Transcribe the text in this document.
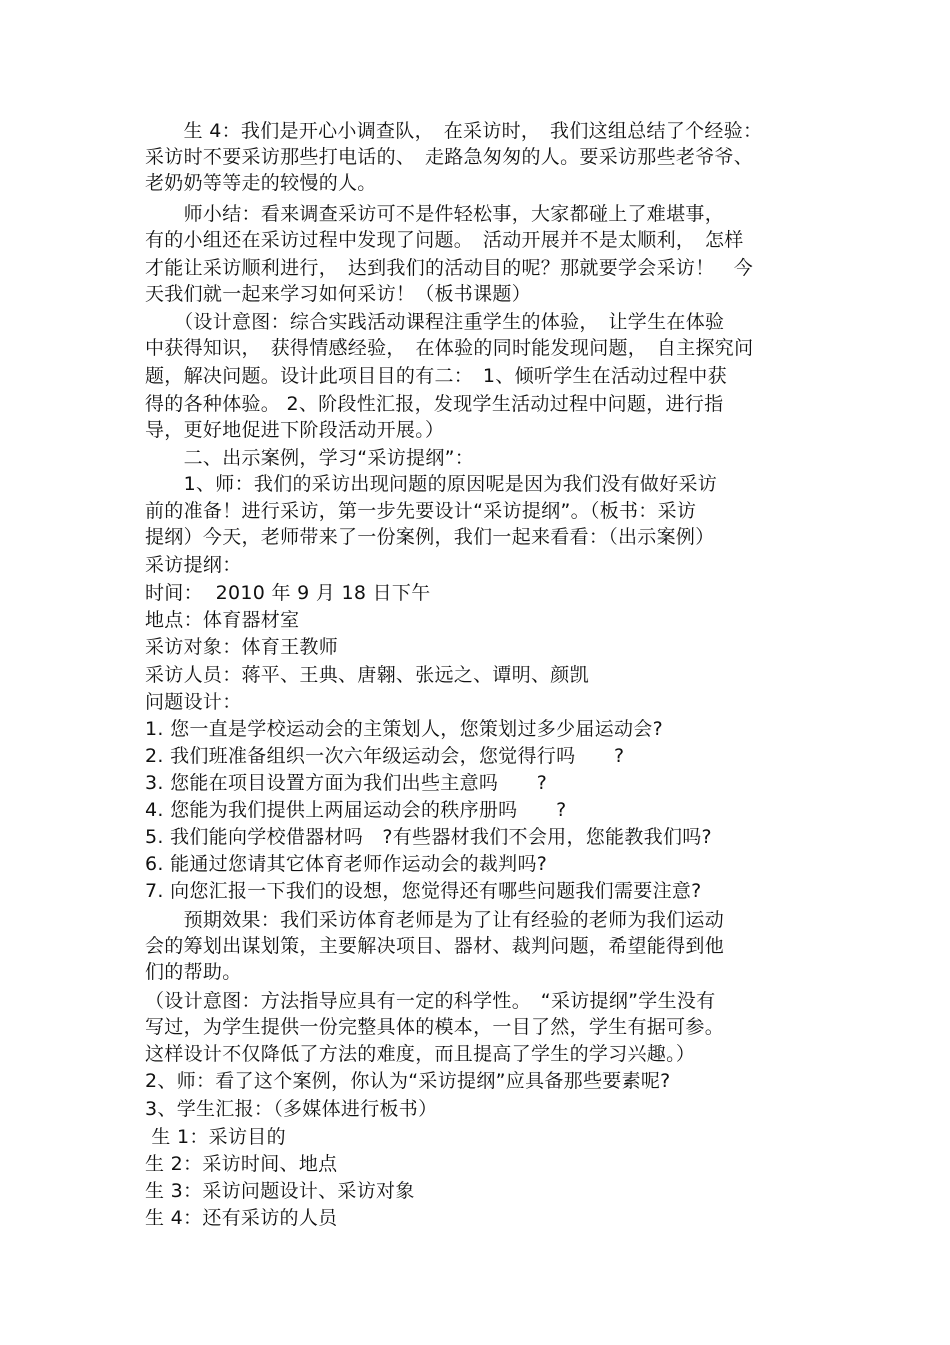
　　生 4：我们是开心小调查队，　在采访时，　我们这组总结了个经验：
采访时不要采访那些打电话的、　走路急匆匆的人。要采访那些老爷爷、
老奶奶等等走的较慢的人。
　　师小结：看来调查采访可不是件轻松事，大家都碰上了难堪事，
有的小组还在采访过程中发现了问题。　活动开展并不是太顺利，　怎样
才能让采访顺利进行，　达到我们的活动目的呢？那就要学会采访！　今
天我们就一起来学习如何采访！（板书课题）
　　（设计意图：综合实践活动课程注重学生的体验，　让学生在体验
中获得知识，　获得情感经验，　在体验的同时能发现问题，　自主探究问
题，解决问题。设计此项目目的有二：　1、倾听学生在活动过程中获
得的各种体验。 2、阶段性汇报，发现学生活动过程中问题，进行指
导，更好地促进下阶段活动开展。）
　　二、出示案例，学习“采访提纲”：
　　1、师：我们的采访出现问题的原因呢是因为我们没有做好采访
前的准备！进行采访，第一步先要设计“采访提纲”。（板书：采访
提纲）今天，老师带来了一份案例，我们一起来看看：（出示案例）
采访提纲：
时间：  2010 年 9 月 18 日下午
地点：体育器材室
采访对象：体育王教师
采访人员：蒋平、王典、唐翱、张远之、谭明、颜凯
问题设计：
1. 您一直是学校运动会的主策划人，您策划过多少届运动会?
2. 我们班准备组织一次六年级运动会，您觉得行吗　　?
3. 您能在项目设置方面为我们出些主意吗　　?
4. 您能为我们提供上两届运动会的秩序册吗　　?
5. 我们能向学校借器材吗　?有些器材我们不会用，您能教我们吗?
6. 能通过您请其它体育老师作运动会的裁判吗?
7. 向您汇报一下我们的设想，您觉得还有哪些问题我们需要注意?
　　预期效果：我们采访体育老师是为了让有经验的老师为我们运动
会的筹划出谋划策，主要解决项目、器材、裁判问题，希望能得到他
们的帮助。
（设计意图：方法指导应具有一定的科学性。　“采访提纲”学生没有
写过，为学生提供一份完整具体的模本，一目了然，学生有据可参。
这样设计不仅降低了方法的难度，而且提高了学生的学习兴趣。）
2、师：看了这个案例，你认为“采访提纲”应具备那些要素呢?
3、学生汇报：（多媒体进行板书）
生 1：采访目的
生 2：采访时间、地点
生 3：采访问题设计、采访对象
生 4：还有采访的人员
